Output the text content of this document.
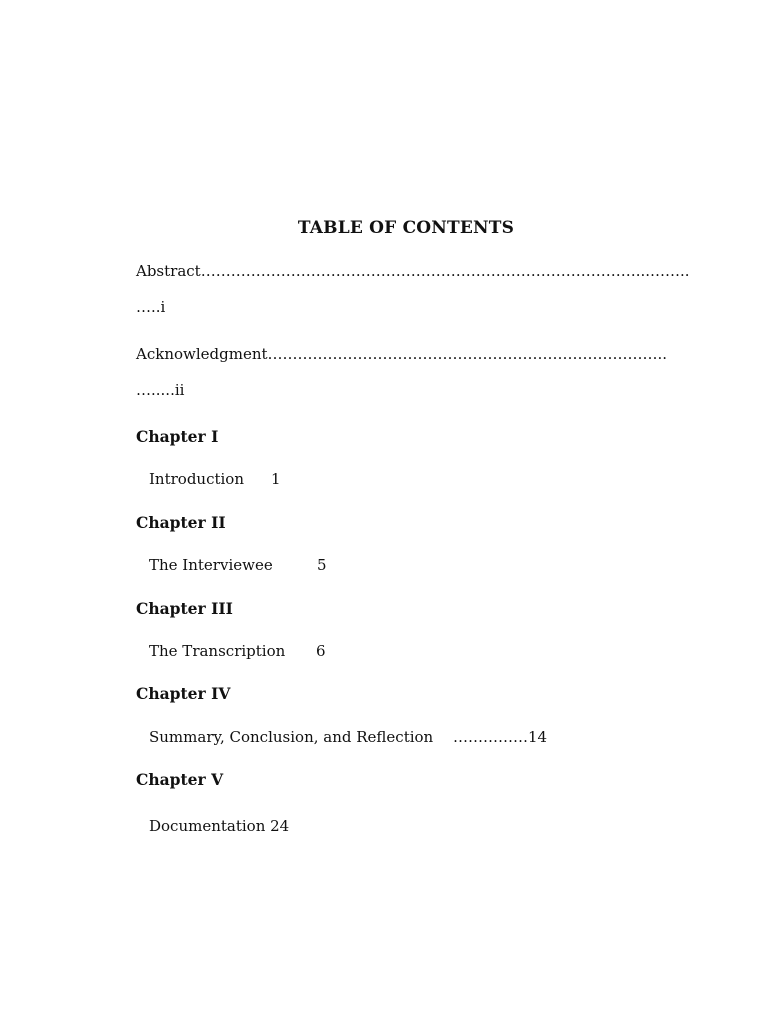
TABLE OF CONTENTS
Abstract……………………………………………………………………………...……..
…..i
Acknowledgment……………………………………………………………………..
….....ii
Chapter I
Introduction 1
Chapter II
The Interviewee	5
Chapter III
The Transcription 6
Chapter IV
Summary, Conclusion, and Reflection ……………14
Chapter V
Documentation 24
